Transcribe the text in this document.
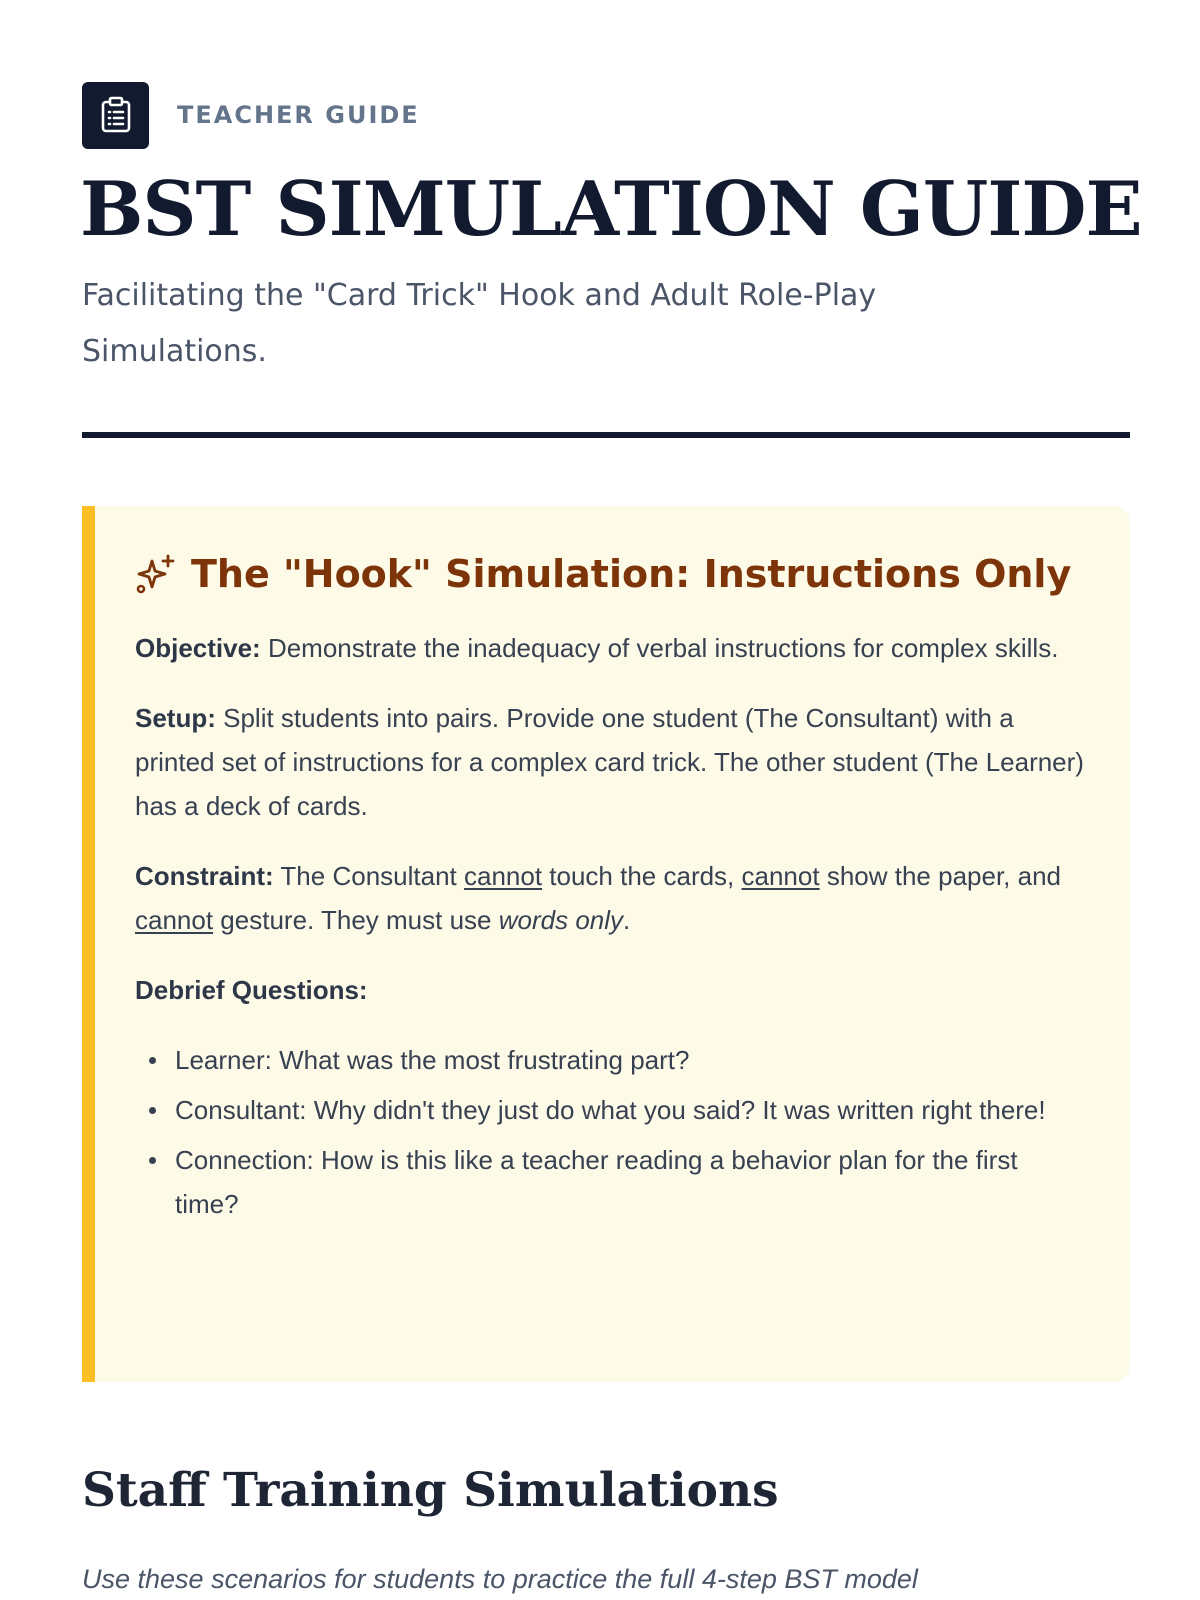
TEACHER GUIDE
BST SIMULATION GUIDE

Facilitating the "Card Trick" Hook and Adult Role-Play Simulations.

The "Hook" Simulation: Instructions Only

Objective: Demonstrate the inadequacy of verbal instructions for complex skills.

Setup: Split students into pairs. Provide one student (The Consultant) with a printed set of instructions for a complex card trick. The other student (The Learner) has a deck of cards.

Constraint: The Consultant cannot touch the cards, cannot show the paper, and cannot gesture. They must use words only.

Debrief Questions:

Learner: What was the most frustrating part?
Consultant: Why didn't they just do what you said? It was written right there!
Connection: How is this like a teacher reading a behavior plan for the first time?
Staff Training Simulations

Use these scenarios for students to practice the full 4-step BST model
